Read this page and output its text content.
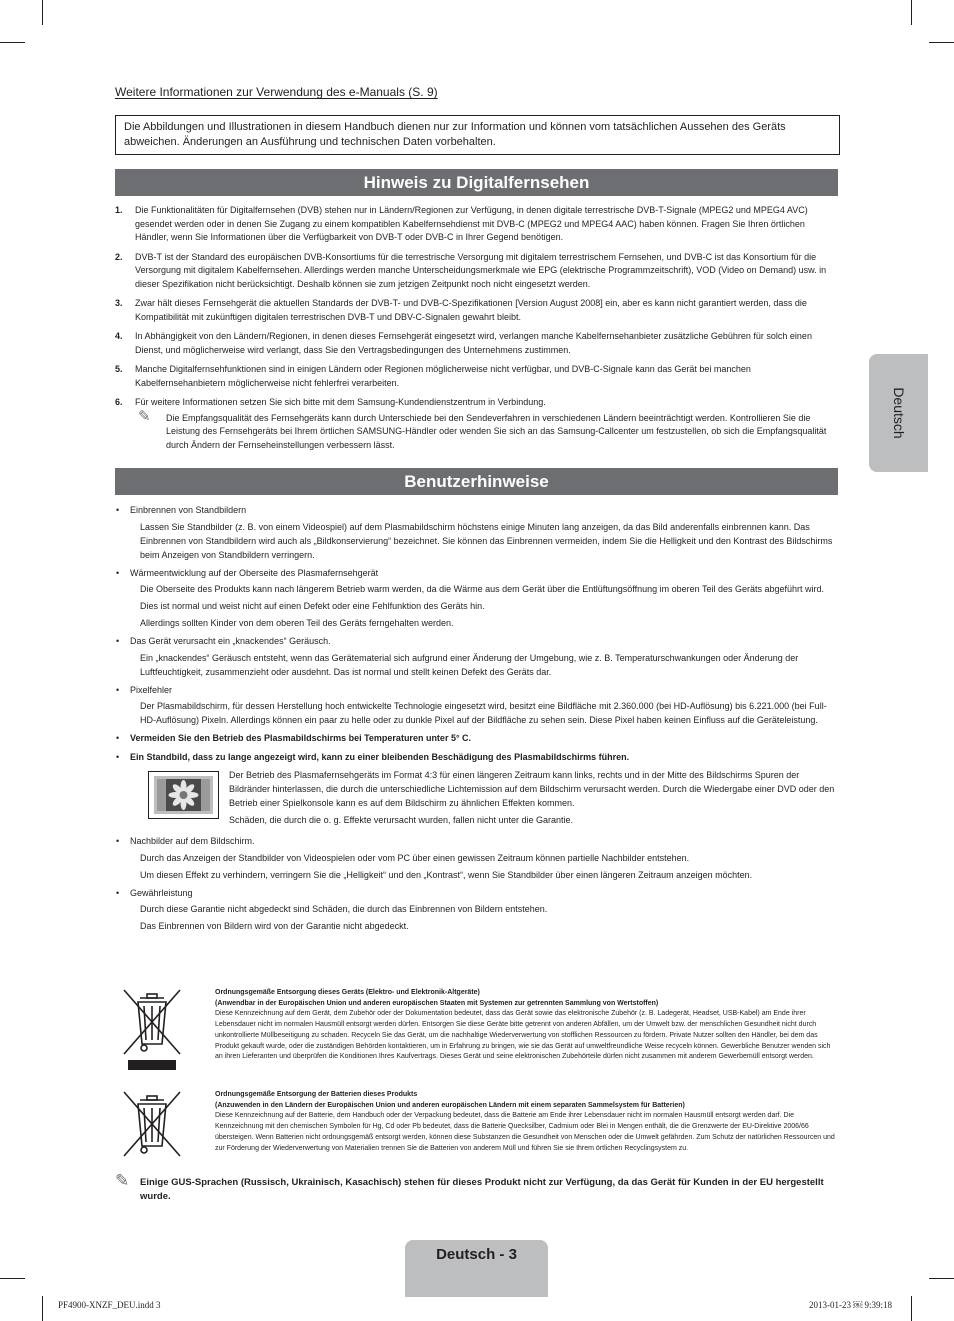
Weitere Informationen zur Verwendung des e-Manuals (S. 9)
Die Abbildungen und Illustrationen in diesem Handbuch dienen nur zur Information und können vom tatsächlichen Aussehen des Geräts abweichen. Änderungen an Ausführung und technischen Daten vorbehalten.
Hinweis zu Digitalfernsehen
1. Die Funktionalitäten für Digitalfernsehen (DVB) stehen nur in Ländern/Regionen zur Verfügung, in denen digitale terrestrische DVB-T-Signale (MPEG2 und MPEG4 AVC) gesendet werden oder in denen Sie Zugang zu einem kompatiblen Kabelfernsehdienst mit DVB-C (MPEG2 und MPEG4 AAC) haben können. Fragen Sie Ihren örtlichen Händler, wenn Sie Informationen über die Verfügbarkeit von DVB-T oder DVB-C in Ihrer Gegend benötigen.
2. DVB-T ist der Standard des europäischen DVB-Konsortiums für die terrestrische Versorgung mit digitalem terrestrischem Fernsehen, und DVB-C ist das Konsortium für die Versorgung mit digitalem Kabelfernsehen. Allerdings werden manche Unterscheidungsmerkmale wie EPG (elektrische Programmzeitschrift), VOD (Video on Demand) usw. in dieser Spezifikation nicht berücksichtigt. Deshalb können sie zum jetzigen Zeitpunkt noch nicht eingesetzt werden.
3. Zwar hält dieses Fernsehgerät die aktuellen Standards der DVB-T- und DVB-C-Spezifikationen [Version August 2008] ein, aber es kann nicht garantiert werden, dass die Kompatibilität mit zukünftigen digitalen terrestrischen DVB-T und DBV-C-Signalen gewahrt bleibt.
4. In Abhängigkeit von den Ländern/Regionen, in denen dieses Fernsehgerät eingesetzt wird, verlangen manche Kabelfernsehanbieter zusätzliche Gebühren für solch einen Dienst, und möglicherweise wird verlangt, dass Sie den Vertragsbedingungen des Unternehmens zustimmen.
5. Manche Digitalfernsehfunktionen sind in einigen Ländern oder Regionen möglicherweise nicht verfügbar, und DVB-C-Signale kann das Gerät bei manchen Kabelfernsehanbietern möglicherweise nicht fehlerfrei verarbeiten.
6. Für weitere Informationen setzen Sie sich bitte mit dem Samsung-Kundendienstzentrum in Verbindung.
✎ Die Empfangsqualität des Fernsehgeräts kann durch Unterschiede bei den Sendeverfahren in verschiedenen Ländern beeinträchtigt werden. Kontrollieren Sie die Leistung des Fernsehgeräts bei Ihrem örtlichen SAMSUNG-Händler oder wenden Sie sich an das Samsung-Callcenter um festzustellen, ob sich die Empfangsqualität durch Ändern der Fernseheinstellungen verbessern lässt.
Benutzerhinweise
• Einbrennen von Standbildern
Lassen Sie Standbilder (z. B. von einem Videospiel) auf dem Plasmabildschirm höchstens einige Minuten lang anzeigen, da das Bild anderenfalls einbrennen kann. Das Einbrennen von Standbildern wird auch als „Bildkonservierung“ bezeichnet. Sie können das Einbrennen vermeiden, indem Sie die Helligkeit und den Kontrast des Bildschirms beim Anzeigen von Standbildern verringern.
• Wärmeentwicklung auf der Oberseite des Plasmafernsehgerät
Die Oberseite des Produkts kann nach längerem Betrieb warm werden, da die Wärme aus dem Gerät über die Entlüftungsöffnung im oberen Teil des Geräts abgeführt wird.
Dies ist normal und weist nicht auf einen Defekt oder eine Fehlfunktion des Geräts hin.
Allerdings sollten Kinder von dem oberen Teil des Geräts ferngehalten werden.
• Das Gerät verursacht ein „knackendes“ Geräusch.
Ein „knackendes“ Geräusch entsteht, wenn das Gerätematerial sich aufgrund einer Änderung der Umgebung, wie z. B. Temperaturschwankungen oder Änderung der Luftfeuchtigkeit, zusammenzieht oder ausdehnt. Das ist normal und stellt keinen Defekt des Geräts dar.
• Pixelfehler
Der Plasmabildschirm, für dessen Herstellung hoch entwickelte Technologie eingesetzt wird, besitzt eine Bildfläche mit 2.360.000 (bei HD-Auflösung) bis 6.221.000 (bei Full-HD-Auflösung) Pixeln. Allerdings können ein paar zu helle oder zu dunkle Pixel auf der Bildfläche zu sehen sein. Diese Pixel haben keinen Einfluss auf die Geräteleistung.
• Vermeiden Sie den Betrieb des Plasmabildschirms bei Temperaturen unter 5° C.
• Ein Standbild, dass zu lange angezeigt wird, kann zu einer bleibenden Beschädigung des Plasmabildschirms führen.
Der Betrieb des Plasmafernsehgeräts im Format 4:3 für einen längeren Zeitraum kann links, rechts und in der Mitte des Bildschirms Spuren der Bildränder hinterlassen, die durch die unterschiedliche Lichtemission auf dem Bildschirm verursacht werden. Durch die Wiedergabe einer DVD oder den Betrieb einer Spielkonsole kann es auf dem Bildschirm zu ähnlichen Effekten kommen.
Schäden, die durch die o. g. Effekte verursacht wurden, fallen nicht unter die Garantie.
• Nachbilder auf dem Bildschirm.
Durch das Anzeigen der Standbilder von Videospielen oder vom PC über einen gewissen Zeitraum können partielle Nachbilder entstehen.
Um diesen Effekt zu verhindern, verringern Sie die „Helligkeit“ und den „Kontrast“, wenn Sie Standbilder über einen längeren Zeitraum anzeigen möchten.
• Gewährleistung
Durch diese Garantie nicht abgedeckt sind Schäden, die durch das Einbrennen von Bildern entstehen.
Das Einbrennen von Bildern wird von der Garantie nicht abgedeckt.
Ordnungsgemäße Entsorgung dieses Geräts (Elektro- und Elektronik-Altgeräte)
(Anwendbar in der Europäischen Union und anderen europäischen Staaten mit Systemen zur getrennten Sammlung von Wertstoffen)
Diese Kennzeichnung auf dem Gerät, dem Zubehör oder der Dokumentation bedeutet, dass das Gerät sowie das elektronische Zubehör (z. B. Ladegerät, Headset, USB-Kabel) am Ende ihrer Lebensdauer nicht im normalen Hausmüll entsorgt werden dürfen. Entsorgen Sie diese Geräte bitte getrennt von anderen Abfällen, um der Umwelt bzw. der menschlichen Gesundheit nicht durch unkontrollierte Müllbeseitigung zu schaden. Recyceln Sie das Gerät, um die nachhaltige Wiederverwertung von stofflichen Ressourcen zu fördern. Private Nutzer sollten den Händler, bei dem das Produkt gekauft wurde, oder die zuständigen Behörden kontaktieren, um in Erfahrung zu bringen, wie sie das Gerät auf umweltfreundliche Weise recyceln können. Gewerbliche Benutzer wenden sich an ihren Lieferanten und überprüfen die Konditionen Ihres Kaufvertrags. Dieses Gerät und seine elektronischen Zubehörteile dürfen nicht zusammen mit anderem Gewerbemüll entsorgt werden.
Ordnungsgemäße Entsorgung der Batterien dieses Produkts
(Anzuwenden in den Ländern der Europäischen Union und anderen europäischen Ländern mit einem separaten Sammelsystem für Batterien)
Diese Kennzeichnung auf der Batterie, dem Handbuch oder der Verpackung bedeutet, dass die Batterie am Ende ihrer Lebensdauer nicht im normalen Hausmüll entsorgt werden darf. Die Kennzeichnung mit den chemischen Symbolen für Hg, Cd oder Pb bedeutet, dass die Batterie Quecksilber, Cadmium oder Blei in Mengen enthält, die die Grenzwerte der EU-Direktive 2006/66 übersteigen. Wenn Batterien nicht ordnungsgemäß entsorgt werden, können diese Substanzen die Gesundheit von Menschen oder die Umwelt gefährden. Zum Schutz der natürlichen Ressourcen und zur Förderung der Wiederverwertung von Materialien trennen Sie die Batterien von anderem Müll und führen Sie sie Ihrem örtlichen Recyclingsystem zu.
✎ Einige GUS-Sprachen (Russisch, Ukrainisch, Kasachisch) stehen für dieses Produkt nicht zur Verfügung, da das Gerät für Kunden in der EU hergestellt wurde.
Deutsch
Deutsch - 3
PF4900-XNZF_DEU.indd 3	2013-01-23 ￼ 9:39:18
